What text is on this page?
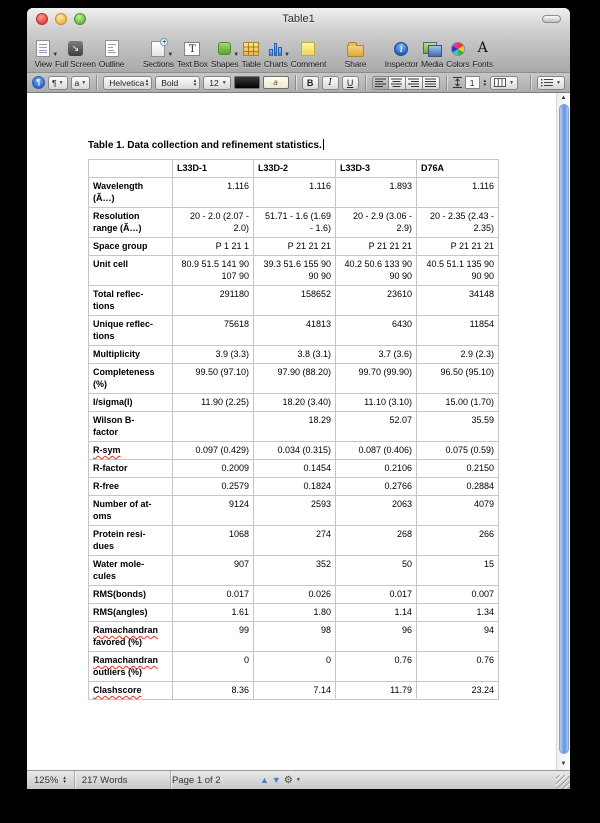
Table1
▼
View
↘
Full Screen Outline
+
▼
Sections
T
Text Box
▼
Shapes Table
▼
Charts Comment Share
i
Inspector Media Colors
A
Fonts
¶	¶ ▼ a ▼	Helvetica ▲
▼ Bold	▲
▼ 12 ▼	a	B	I	U	1	▲
▼	▼	▼
Table 1. Data collection and refinement statistics.
	L33D-1	L33D-2	L33D-3	D76A
Wavelength
(Ã…)	1.116	1.116	1.893	1.116
Resolution
range (Ã…)	20 - 2.0 (2.07 -
2.0)	51.71 - 1.6 (1.69
- 1.6)	20 - 2.9 (3.06 -
2.9)	20 - 2.35 (2.43 -
2.35)
Space group	P 1 21 1	P 21 21 21	P 21 21 21	P 21 21 21
Unit cell	80.9 51.5 141 90
107 90	39.3 51.6 155 90
90 90	40.2 50.6 133 90
90 90	40.5 51.1 135 90
90 90
Total reflec-
tions	291180	158652	23610	34148
Unique reflec-
tions	75618	41813	6430	11854
Multiplicity	3.9 (3.3)	3.8 (3.1)	3.7 (3.6)	2.9 (2.3)
Completeness
(%)	99.50 (97.10)	97.90 (88.20)	99.70 (99.90)	96.50 (95.10)
I/sigma(I)	11.90 (2.25)	18.20 (3.40)	11.10 (3.10)	15.00 (1.70)
Wilson B-
factor		18.29	52.07	35.59
R-sym	0.097 (0.429)	0.034 (0.315)	0.087 (0.406)	0.075 (0.59)
R-factor	0.2009	0.1454	0.2106	0.2150
R-free	0.2579	0.1824	0.2766	0.2884
Number of at-
oms	9124	2593	2063	4079
Protein resi-
dues	1068	274	268	266
Water mole-
cules	907	352	50	15
RMS(bonds)	0.017	0.026	0.017	0.007
RMS(angles)	1.61	1.80	1.14	1.34
Ramachandran
favored (%)	99	98	96	94
Ramachandran
outliers (%)	0	0	0.76	0.76
Clashscore	8.36	7.14	11.79	23.24
▲
▼
125% ▲
▼ 217 Words	Page 1 of 2	▲ ▼ ⚙ ▼
